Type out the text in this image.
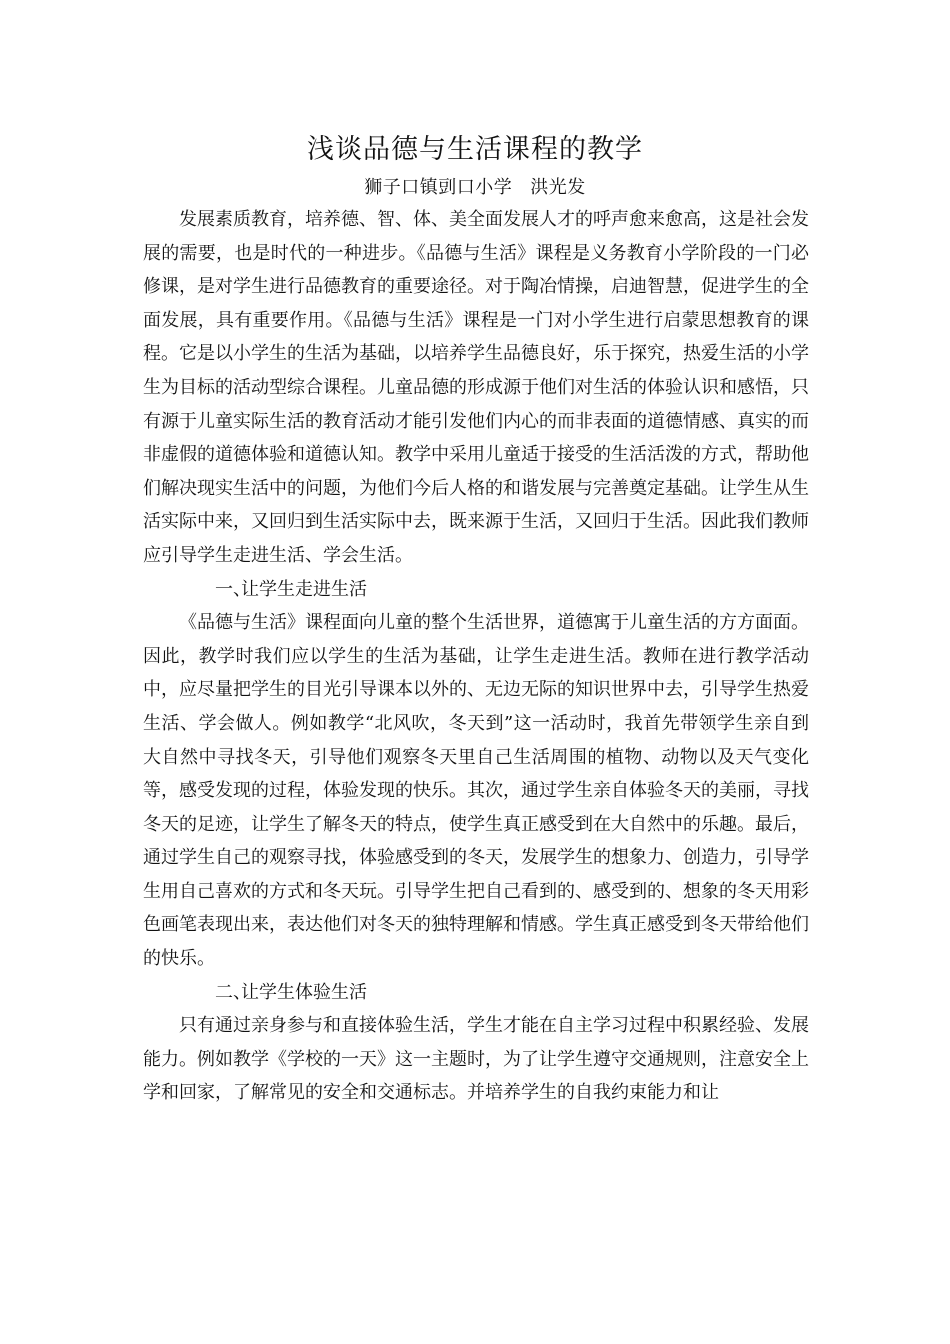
浅谈品德与生活课程的教学
狮子口镇剅口小学 洪光发

发展素质教育，培养德、智、体、美全面发展人才的呼声愈来愈高，这是社会发展的需要，也是时代的一种进步。《品德与生活》课程是义务教育小学阶段的一门必修课，是对学生进行品德教育的重要途径。对于陶冶情操，启迪智慧，促进学生的全面发展，具有重要作用。《品德与生活》课程是一门对小学生进行启蒙思想教育的课程。它是以小学生的生活为基础，以培养学生品德良好，乐于探究，热爱生活的小学生为目标的活动型综合课程。儿童品德的形成源于他们对生活的体验认识和感悟，只有源于儿童实际生活的教育活动才能引发他们内心的而非表面的道德情感、真实的而非虚假的道德体验和道德认知。教学中采用儿童适于接受的生活活泼的方式，帮助他们解决现实生活中的问题，为他们今后人格的和谐发展与完善奠定基础。让学生从生活实际中来，又回归到生活实际中去，既来源于生活，又回归于生活。因此我们教师应引导学生走进生活、学会生活。

一、让学生走进生活

《品德与生活》课程面向儿童的整个生活世界，道德寓于儿童生活的方方面面。因此，教学时我们应以学生的生活为基础，让学生走进生活。教师在进行教学活动中，应尽量把学生的目光引导课本以外的、无边无际的知识世界中去，引导学生热爱生活、学会做人。例如教学“北风吹，冬天到”这一活动时，我首先带领学生亲自到大自然中寻找冬天，引导他们观察冬天里自己生活周围的植物、动物以及天气变化等，感受发现的过程，体验发现的快乐。其次，通过学生亲自体验冬天的美丽，寻找冬天的足迹，让学生了解冬天的特点，使学生真正感受到在大自然中的乐趣。最后，通过学生自己的观察寻找，体验感受到的冬天，发展学生的想象力、创造力，引导学生用自己喜欢的方式和冬天玩。引导学生把自己看到的、感受到的、想象的冬天用彩色画笔表现出来，表达他们对冬天的独特理解和情感。学生真正感受到冬天带给他们的快乐。

二、让学生体验生活

只有通过亲身参与和直接体验生活，学生才能在自主学习过程中积累经验、发展能力。例如教学《学校的一天》这一主题时，为了让学生遵守交通规则，注意安全上学和回家，了解常见的安全和交通标志。并培养学生的自我约束能力和让
